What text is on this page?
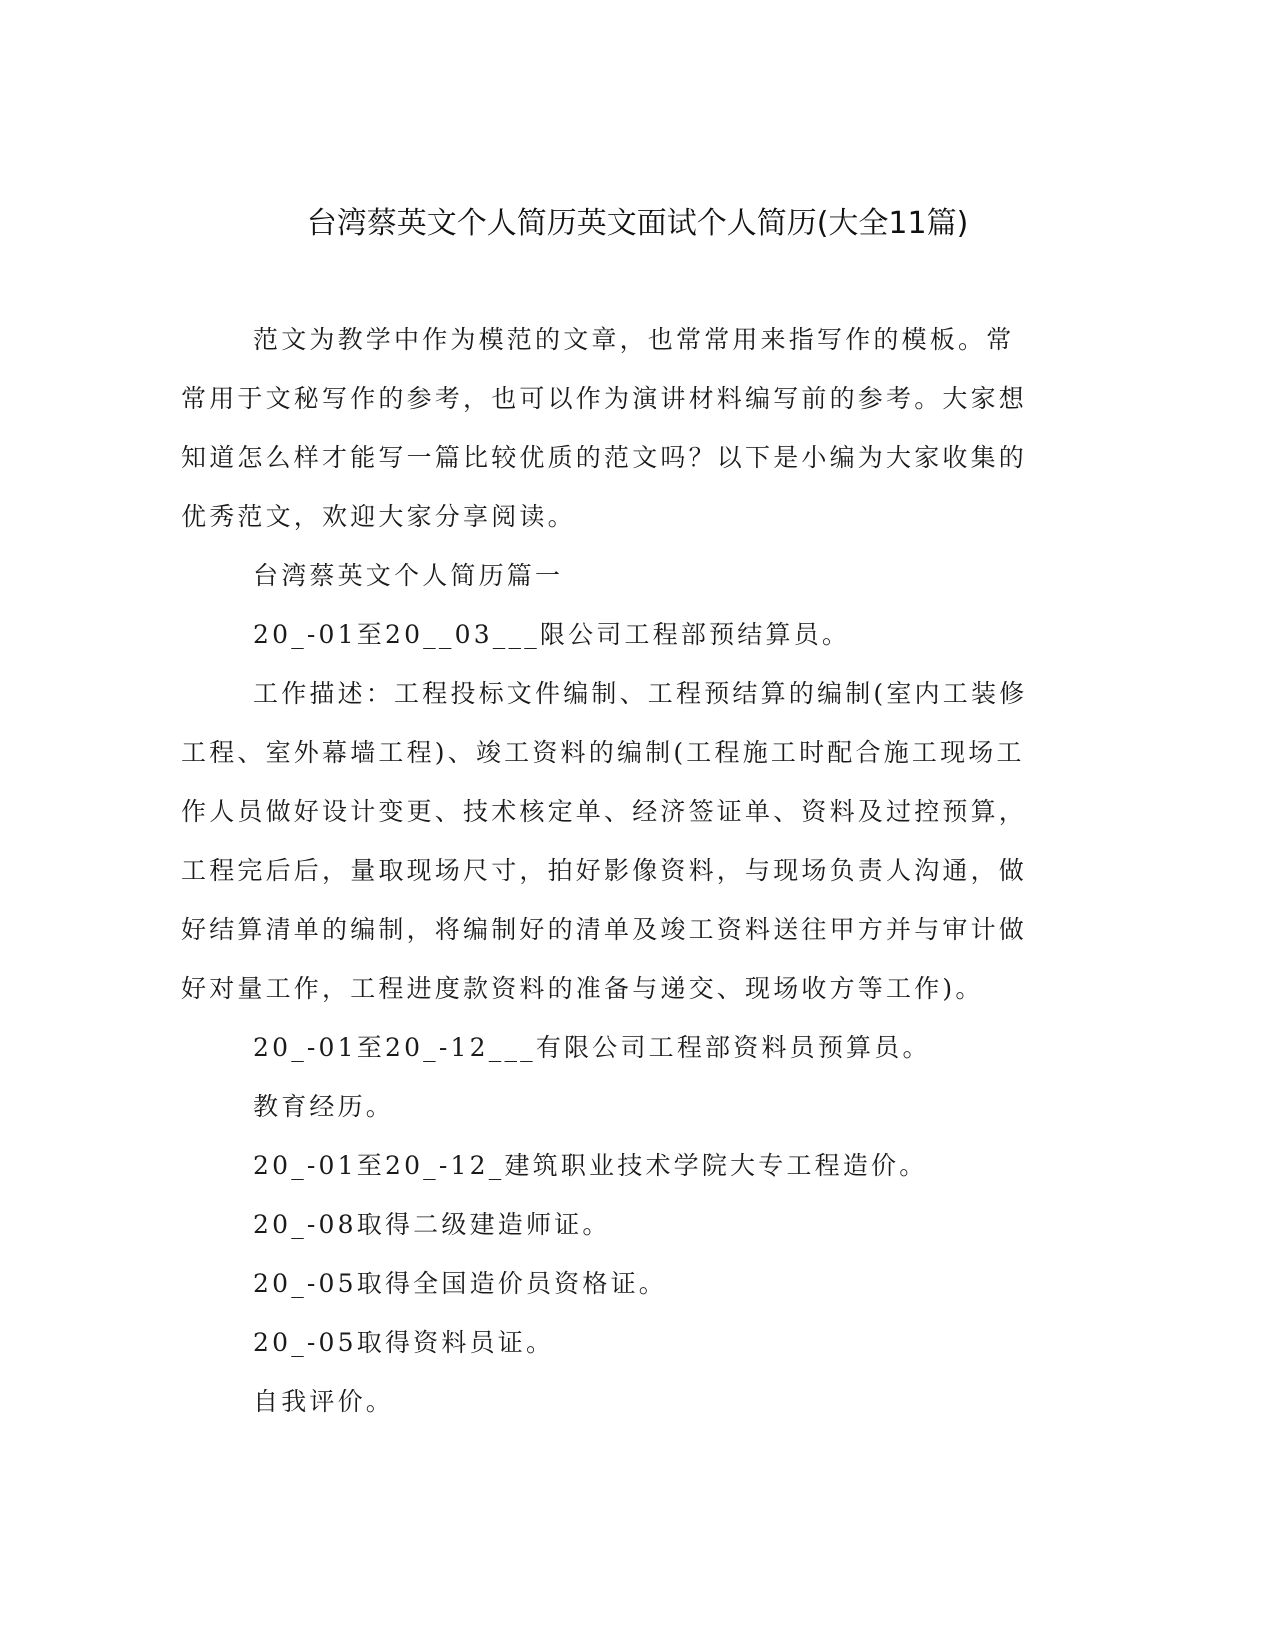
台湾蔡英文个人简历英文面试个人简历(大全11篇)

范文为教学中作为模范的文章，也常常用来指写作的模板。常常用于文秘写作的参考，也可以作为演讲材料编写前的参考。大家想知道怎么样才能写一篇比较优质的范文吗？以下是小编为大家收集的优秀范文，欢迎大家分享阅读。

台湾蔡英文个人简历篇一

20_-01至20__03___限公司工程部预结算员。

工作描述：工程投标文件编制、工程预结算的编制(室内工装修工程、室外幕墙工程)、竣工资料的编制(工程施工时配合施工现场工作人员做好设计变更、技术核定单、经济签证单、资料及过控预算，工程完后后，量取现场尺寸，拍好影像资料，与现场负责人沟通，做好结算清单的编制，将编制好的清单及竣工资料送往甲方并与审计做好对量工作，工程进度款资料的准备与递交、现场收方等工作)。

20_-01至20_-12___有限公司工程部资料员预算员。

教育经历。

20_-01至20_-12_建筑职业技术学院大专工程造价。

20_-08取得二级建造师证。

20_-05取得全国造价员资格证。

20_-05取得资料员证。

自我评价。
